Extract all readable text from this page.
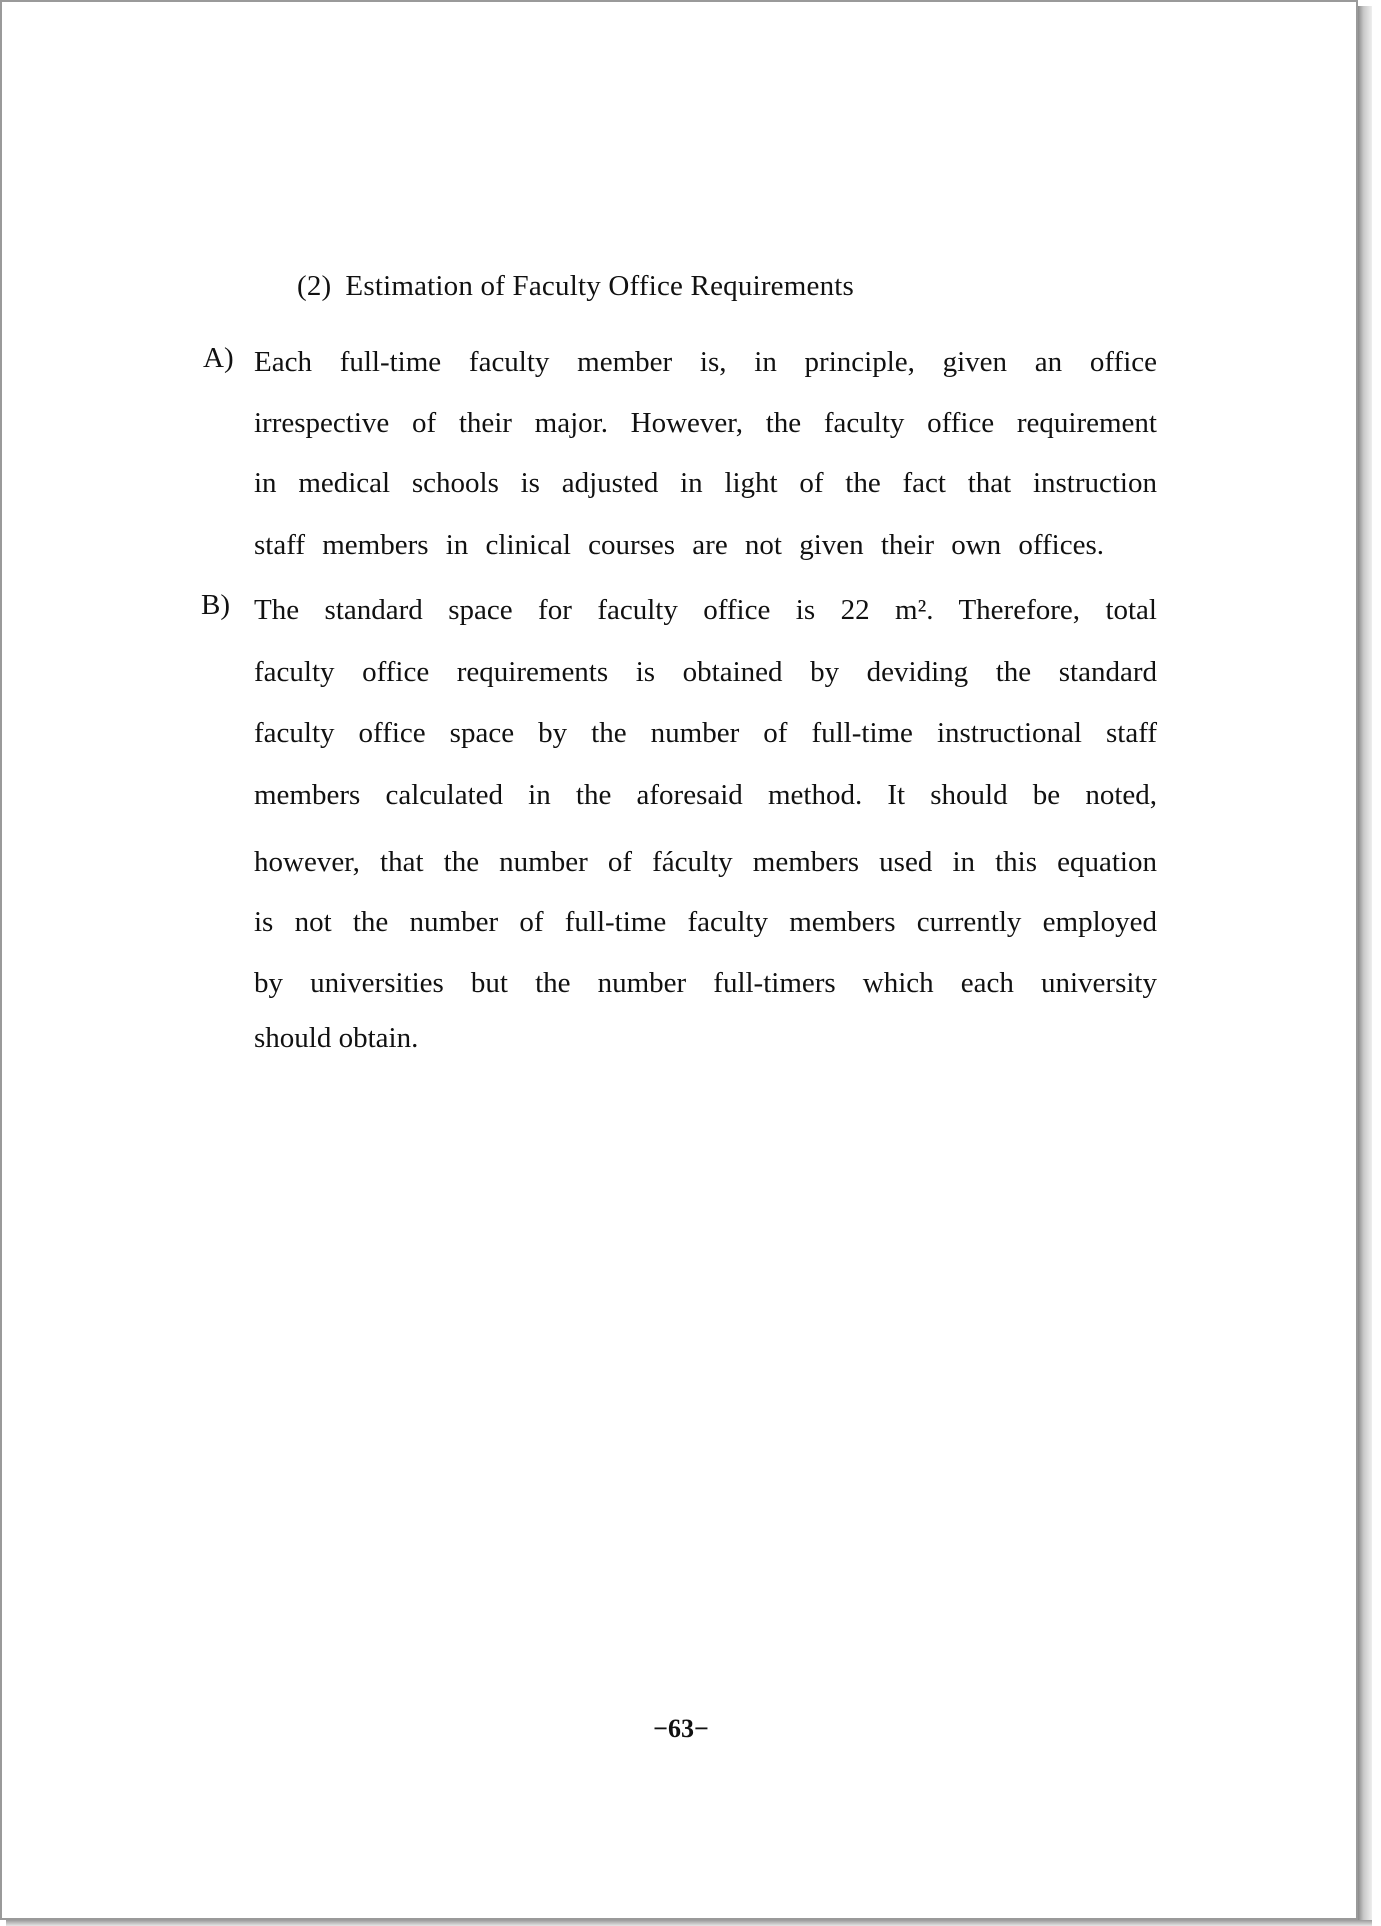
(2) Estimation of Faculty Office Requirements
A) Each full-time faculty member is, in principle, given an office
irrespective of their major. However, the faculty office requirement
in medical schools is adjusted in light of the fact that instruction
staff members in clinical courses are not given their own offices.
B) The standard space for faculty office is 22 m². Therefore, total
faculty office requirements is obtained by deviding the standard
faculty office space by the number of full-time instructional staff
members calculated in the aforesaid method. It should be noted,
however, that the number of fáculty members used in this equation
is not the number of full-time faculty members currently employed
by universities but the number full-timers which each university
should obtain.
−63−
